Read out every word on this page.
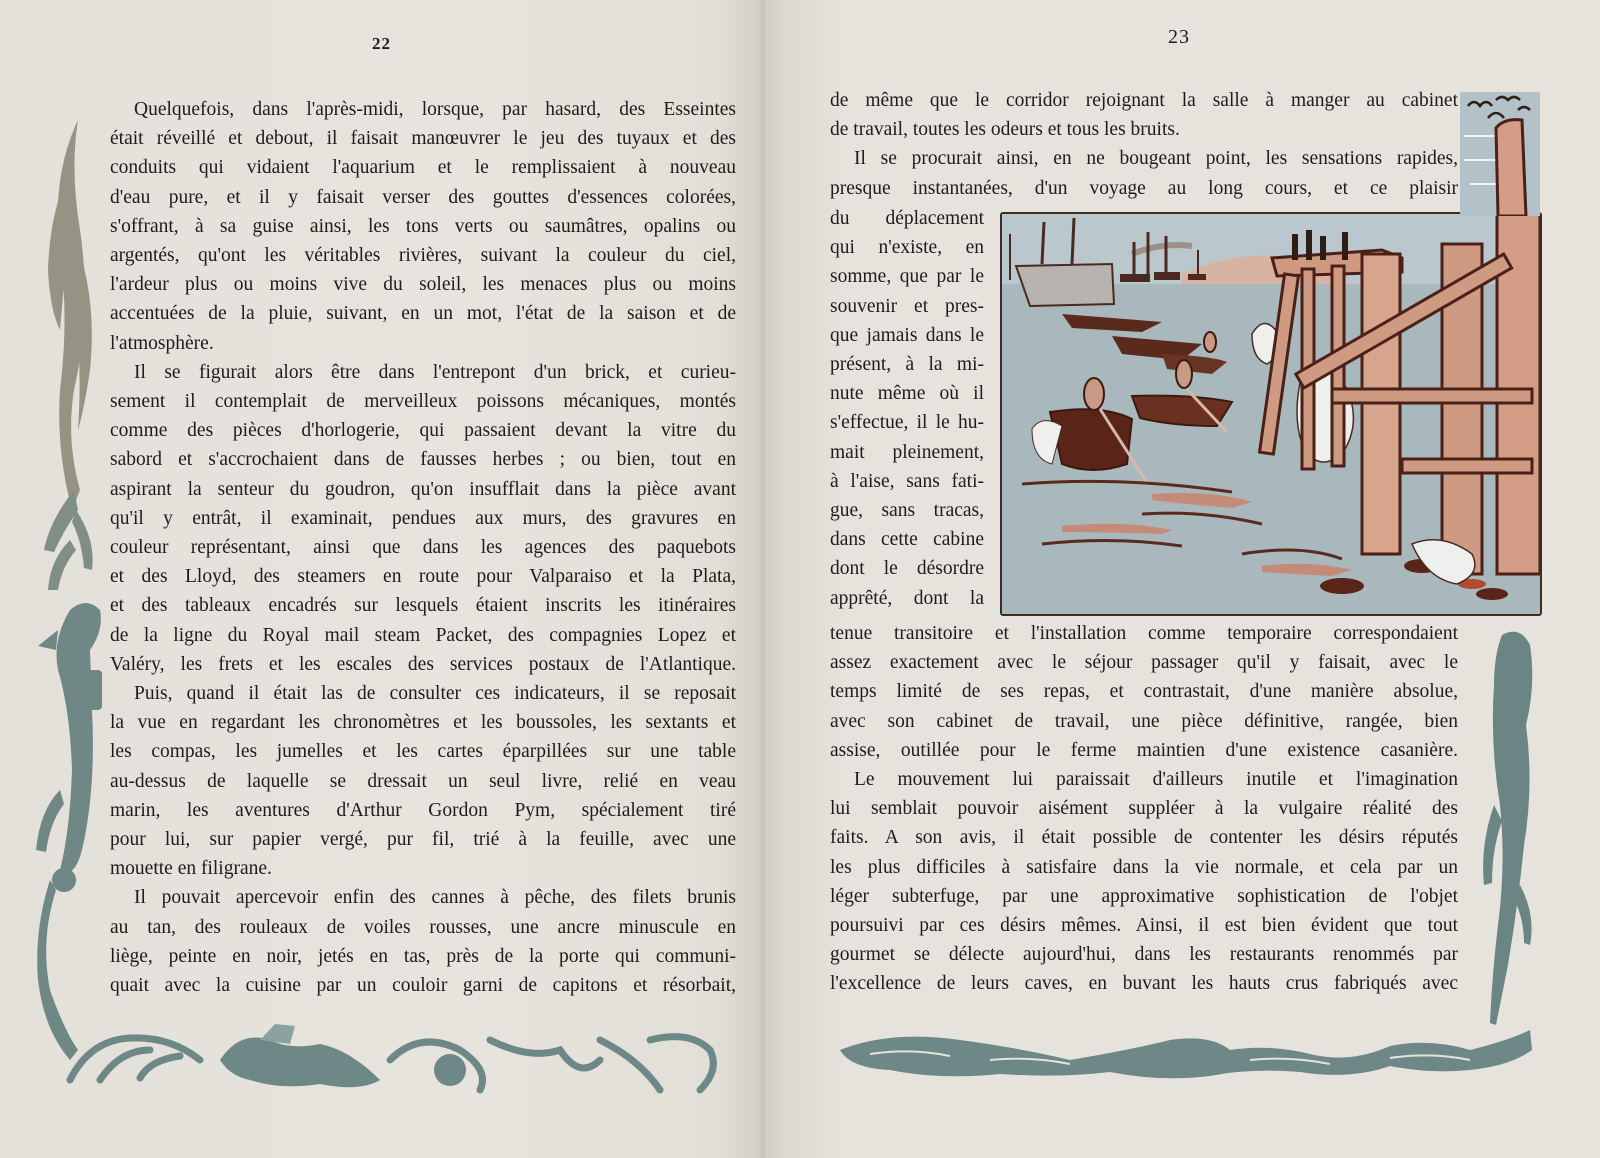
22	23

Quelquefois, dans l'après-midi, lorsque, par hasard, des Esseintes
était réveillé et debout, il faisait manœuvrer le jeu des tuyaux et des
conduits qui vidaient l'aquarium et le remplissaient à nouveau
d'eau pure, et il y faisait verser des gouttes d'essences colorées,
s'offrant, à sa guise ainsi, les tons verts ou saumâtres, opalins ou
argentés, qu'ont les véritables rivières, suivant la couleur du ciel,
l'ardeur plus ou moins vive du soleil, les menaces plus ou moins
accentuées de la pluie, suivant, en un mot, l'état de la saison et de
l'atmosphère.

Il se figurait alors être dans l'entrepont d'un brick, et curieu-
sement il contemplait de merveilleux poissons mécaniques, montés
comme des pièces d'horlogerie, qui passaient devant la vitre du
sabord et s'accrochaient dans de fausses herbes ; ou bien, tout en
aspirant la senteur du goudron, qu'on insufflait dans la pièce avant
qu'il y entrât, il examinait, pendues aux murs, des gravures en
couleur représentant, ainsi que dans les agences des paquebots
et des Lloyd, des steamers en route pour Valparaiso et la Plata,
et des tableaux encadrés sur lesquels étaient inscrits les itinéraires
de la ligne du Royal mail steam Packet, des compagnies Lopez et
Valéry, les frets et les escales des services postaux de l'Atlantique.

Puis, quand il était las de consulter ces indicateurs, il se reposait
la vue en regardant les chronomètres et les boussoles, les sextants et
les compas, les jumelles et les cartes éparpillées sur une table
au-dessus de laquelle se dressait un seul livre, relié en veau
marin, les aventures d'Arthur Gordon Pym, spécialement tiré
pour lui, sur papier vergé, pur fil, trié à la feuille, avec une
mouette en filigrane.

Il pouvait apercevoir enfin des cannes à pêche, des filets brunis
au tan, des rouleaux de voiles rousses, une ancre minuscule en
liège, peinte en noir, jetés en tas, près de la porte qui communi-
quait avec la cuisine par un couloir garni de capitons et résorbait,

de même que le corridor rejoignant la salle à manger au cabinet
de travail, toutes les odeurs et tous les bruits.
Il se procurait ainsi, en ne bougeant point, les sensations rapides,
presque instantanées, d'un voyage au long cours, et ce plaisir
du déplacement
qui n'existe, en
somme, que par le
souvenir et pres-
que jamais dans le
présent, à la mi-
nute même où il
s'effectue, il le hu-
mait pleinement,
à l'aise, sans fati-
gue, sans tracas,
dans cette cabine
dont le désordre
apprêté, dont la

tenue transitoire et l'installation comme temporaire correspondaient
assez exactement avec le séjour passager qu'il y faisait, avec le
temps limité de ses repas, et contrastait, d'une manière absolue,
avec son cabinet de travail, une pièce définitive, rangée, bien
assise, outillée pour le ferme maintien d'une existence casanière.

Le mouvement lui paraissait d'ailleurs inutile et l'imagination
lui semblait pouvoir aisément suppléer à la vulgaire réalité des
faits. A son avis, il était possible de contenter les désirs réputés
les plus difficiles à satisfaire dans la vie normale, et cela par un
léger subterfuge, par une approximative sophistication de l'objet
poursuivi par ces désirs mêmes. Ainsi, il est bien évident que tout
gourmet se délecte aujourd'hui, dans les restaurants renommés par
l'excellence de leurs caves, en buvant les hauts crus fabriqués avec
